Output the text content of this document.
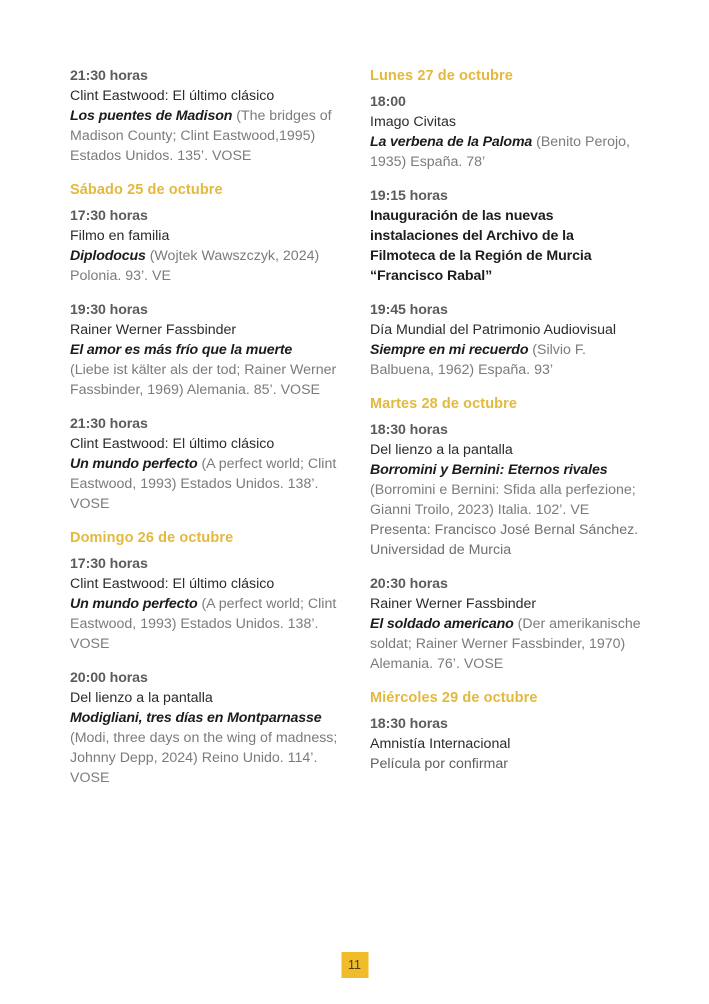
21:30 horas
Clint Eastwood: El último clásico
Los puentes de Madison (The bridges of Madison County; Clint Eastwood,1995) Estados Unidos. 135’. VOSE
Sábado 25 de octubre
17:30 horas
Filmo en familia
Diplodocus (Wojtek Wawszczyk, 2024) Polonia. 93’. VE
19:30 horas
Rainer Werner Fassbinder
El amor es más frío que la muerte
(Liebe ist kälter als der tod; Rainer Werner Fassbinder, 1969) Alemania. 85’. VOSE
21:30 horas
Clint Eastwood: El último clásico
Un mundo perfecto (A perfect world; Clint Eastwood, 1993) Estados Unidos. 138’. VOSE
Domingo 26 de octubre
17:30 horas
Clint Eastwood: El último clásico
Un mundo perfecto (A perfect world; Clint Eastwood, 1993) Estados Unidos. 138’. VOSE
20:00 horas
Del lienzo a la pantalla
Modigliani, tres días en Montparnasse (Modi, three days on the wing of madness; Johnny Depp, 2024) Reino Unido. 114’. VOSE
Lunes 27 de octubre
18:00
Imago Civitas
La verbena de la Paloma (Benito Perojo, 1935) España. 78’
19:15 horas
Inauguración de las nuevas instalaciones del Archivo de la Filmoteca de la Región de Murcia “Francisco Rabal”
19:45 horas
Día Mundial del Patrimonio Audiovisual
Siempre en mi recuerdo (Silvio F. Balbuena, 1962) España. 93’
Martes 28 de octubre
18:30 horas
Del lienzo a la pantalla
Borromini y Bernini: Eternos rivales (Borromini e Bernini: Sfida alla perfezione; Gianni Troilo, 2023) Italia. 102’. VE
Presenta: Francisco José Bernal Sánchez. Universidad de Murcia
20:30 horas
Rainer Werner Fassbinder
El soldado americano (Der amerikanische soldat; Rainer Werner Fassbinder, 1970) Alemania. 76’. VOSE
Miércoles 29 de octubre
18:30 horas
Amnistía Internacional
Película por confirmar
11
